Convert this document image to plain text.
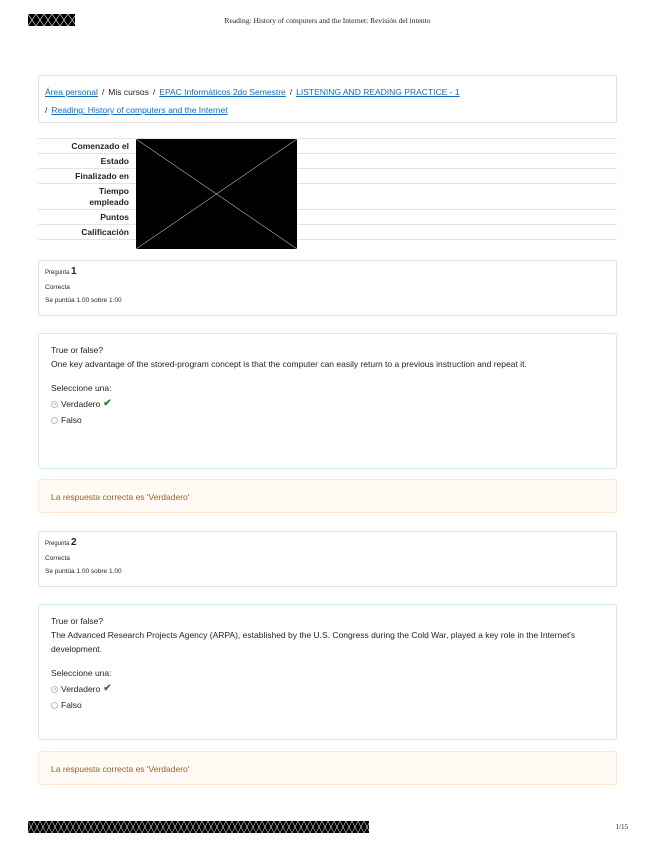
Reading: History of computers and the Internet: Revisión del intento
Área personal / Mis cursos / EPAC Informáticos 2do Semestre / LISTENING AND READING PRACTICE - 1
/ Reading: History of computers and the Internet
Comenzado el
Estado
Finalizado en
Tiempo empleado
Puntos
Calificación
Pregunta 1
Correcta
Se puntúa 1.00 sobre 1.00
True or false?
One key advantage of the stored-program concept is that the computer can easily return to a previous instruction and repeat it.
Seleccione una:
Verdadero ✔
Falso
La respuesta correcta es 'Verdadero'
Pregunta 2
Correcta
Se puntúa 1.00 sobre 1.00
True or false?
The Advanced Research Projects Agency (ARPA), established by the U.S. Congress during the Cold War, played a key role in the Internet's development.
Seleccione una:
Verdadero ✔
Falso
La respuesta correcta es 'Verdadero'
1/15
